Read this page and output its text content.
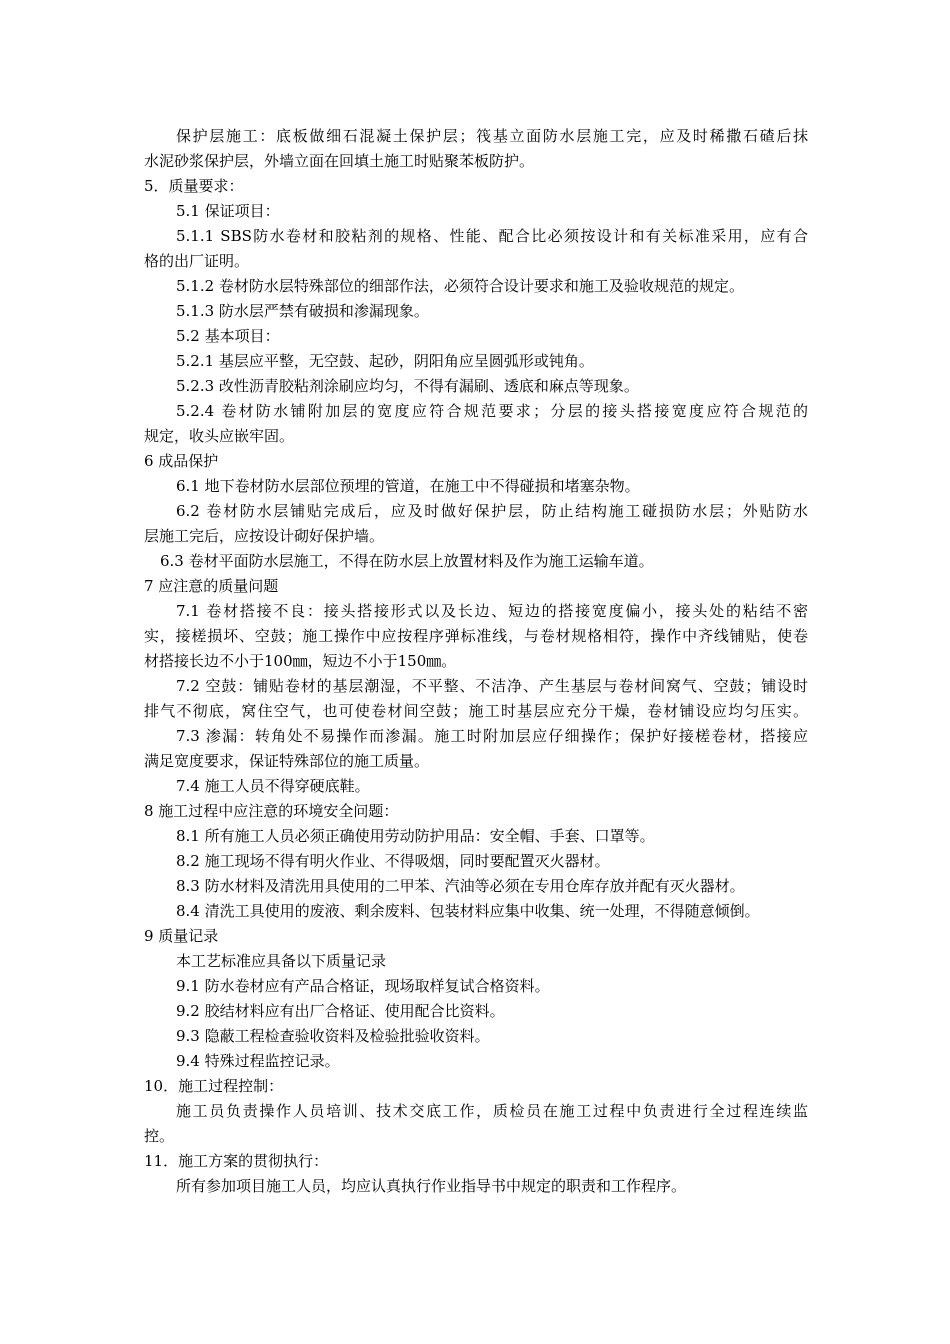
保护层施工：底板做细石混凝土保护层；筏基立面防水层施工完，应及时稀撒石碴后抹
水泥砂浆保护层，外墙立面在回填土施工时贴聚苯板防护。
5．质量要求：
5.1 保证项目：
5.1.1 SBS防水卷材和胶粘剂的规格、性能、配合比必须按设计和有关标准采用，应有合
格的出厂证明。
5.1.2 卷材防水层特殊部位的细部作法，必须符合设计要求和施工及验收规范的规定。
5.1.3 防水层严禁有破损和渗漏现象。
5.2 基本项目：
5.2.1 基层应平整，无空鼓、起砂，阴阳角应呈圆弧形或钝角。
5.2.3 改性沥青胶粘剂涂刷应均匀，不得有漏刷、透底和麻点等现象。
5.2.4 卷材防水铺附加层的宽度应符合规范要求；分层的接头搭接宽度应符合规范的
规定，收头应嵌牢固。
6 成品保护
6.1 地下卷材防水层部位预埋的管道，在施工中不得碰损和堵塞杂物。
6.2 卷材防水层铺贴完成后，应及时做好保护层，防止结构施工碰损防水层；外贴防水
层施工完后，应按设计砌好保护墙。
6.3 卷材平面防水层施工，不得在防水层上放置材料及作为施工运输车道。
7 应注意的质量问题
7.1 卷材搭接不良：接头搭接形式以及长边、短边的搭接宽度偏小，接头处的粘结不密
实，接槎损坏、空鼓；施工操作中应按程序弹标准线，与卷材规格相符，操作中齐线铺贴，使卷
材搭接长边不小于100㎜，短边不小于150㎜。
7.2 空鼓：铺贴卷材的基层潮湿，不平整、不洁净、产生基层与卷材间窝气、空鼓；铺设时
排气不彻底，窝住空气，也可使卷材间空鼓；施工时基层应充分干燥，卷材铺设应均匀压实。
7.3 渗漏：转角处不易操作而渗漏。施工时附加层应仔细操作；保护好接槎卷材，搭接应
满足宽度要求，保证特殊部位的施工质量。
7.4 施工人员不得穿硬底鞋。
8 施工过程中应注意的环境安全问题：
8.1 所有施工人员必须正确使用劳动防护用品：安全帽、手套、口罩等。
8.2 施工现场不得有明火作业、不得吸烟，同时要配置灭火器材。
8.3 防水材料及清洗用具使用的二甲苯、汽油等必须在专用仓库存放并配有灭火器材。
8.4 清洗工具使用的废液、剩余废料、包装材料应集中收集、统一处理，不得随意倾倒。
9 质量记录
本工艺标准应具备以下质量记录
9.1 防水卷材应有产品合格证，现场取样复试合格资料。
9.2 胶结材料应有出厂合格证、使用配合比资料。
9.3 隐蔽工程检查验收资料及检验批验收资料。
9.4 特殊过程监控记录。
10．施工过程控制：
施工员负责操作人员培训、技术交底工作，质检员在施工过程中负责进行全过程连续监
控。
11．施工方案的贯彻执行：
所有参加项目施工人员，均应认真执行作业指导书中规定的职责和工作程序。
